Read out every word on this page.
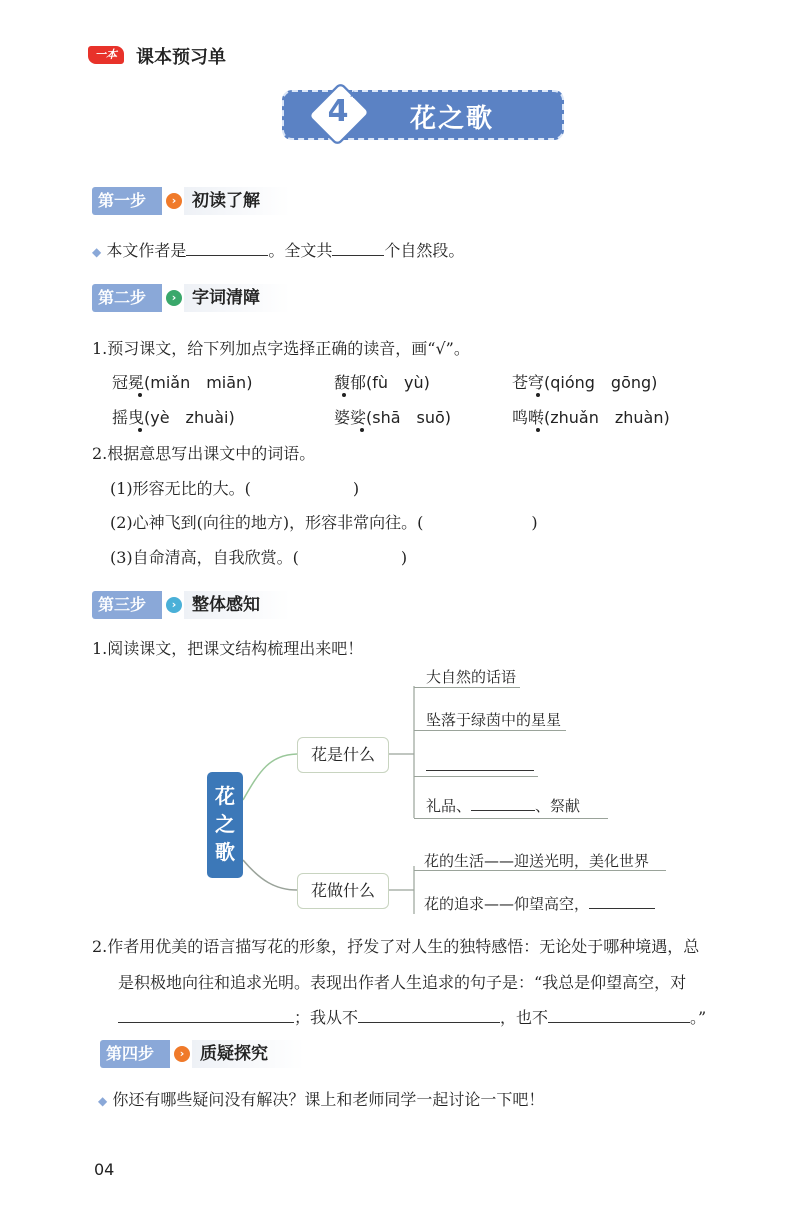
一本	课本预习单
4 *
花之歌
第一步	› 初读了解
◆ 本文作者是	。全文共	个自然段。
第二步	› 字词清障
1.预习课文，给下列加点字选择正确的读音，画“√”。
冠冕(miǎn　miān)	馥郁(fù　yù)	苍穹(qióng　gōng)
摇曳(yè　zhuài)	婆娑(shā　suō)	鸣啭(zhuǎn　zhuàn)
2.根据意思写出课文中的词语。
(1)形容无比的大。(	)
(2)心神飞到(向往的地方)，形容非常向往。(	)
(3)自命清高，自我欣赏。(	)
第三步	› 整体感知
1.阅读课文，把课文结构梳理出来吧！
花之歌
花是什么
花做什么
大自然的话语
坠落于绿茵中的星星
礼品、	、祭献
花的生活——迎送光明，美化世界
花的追求——仰望高空，
2.作者用优美的语言描写花的形象，抒发了对人生的独特感悟：无论处于哪种境遇，总
是积极地向往和追求光明。表现出作者人生追求的句子是：“我总是仰望高空，对
；我从不	，也不	。”
第四步	› 质疑探究
◆ 你还有哪些疑问没有解决？课上和老师同学一起讨论一下吧！
04
